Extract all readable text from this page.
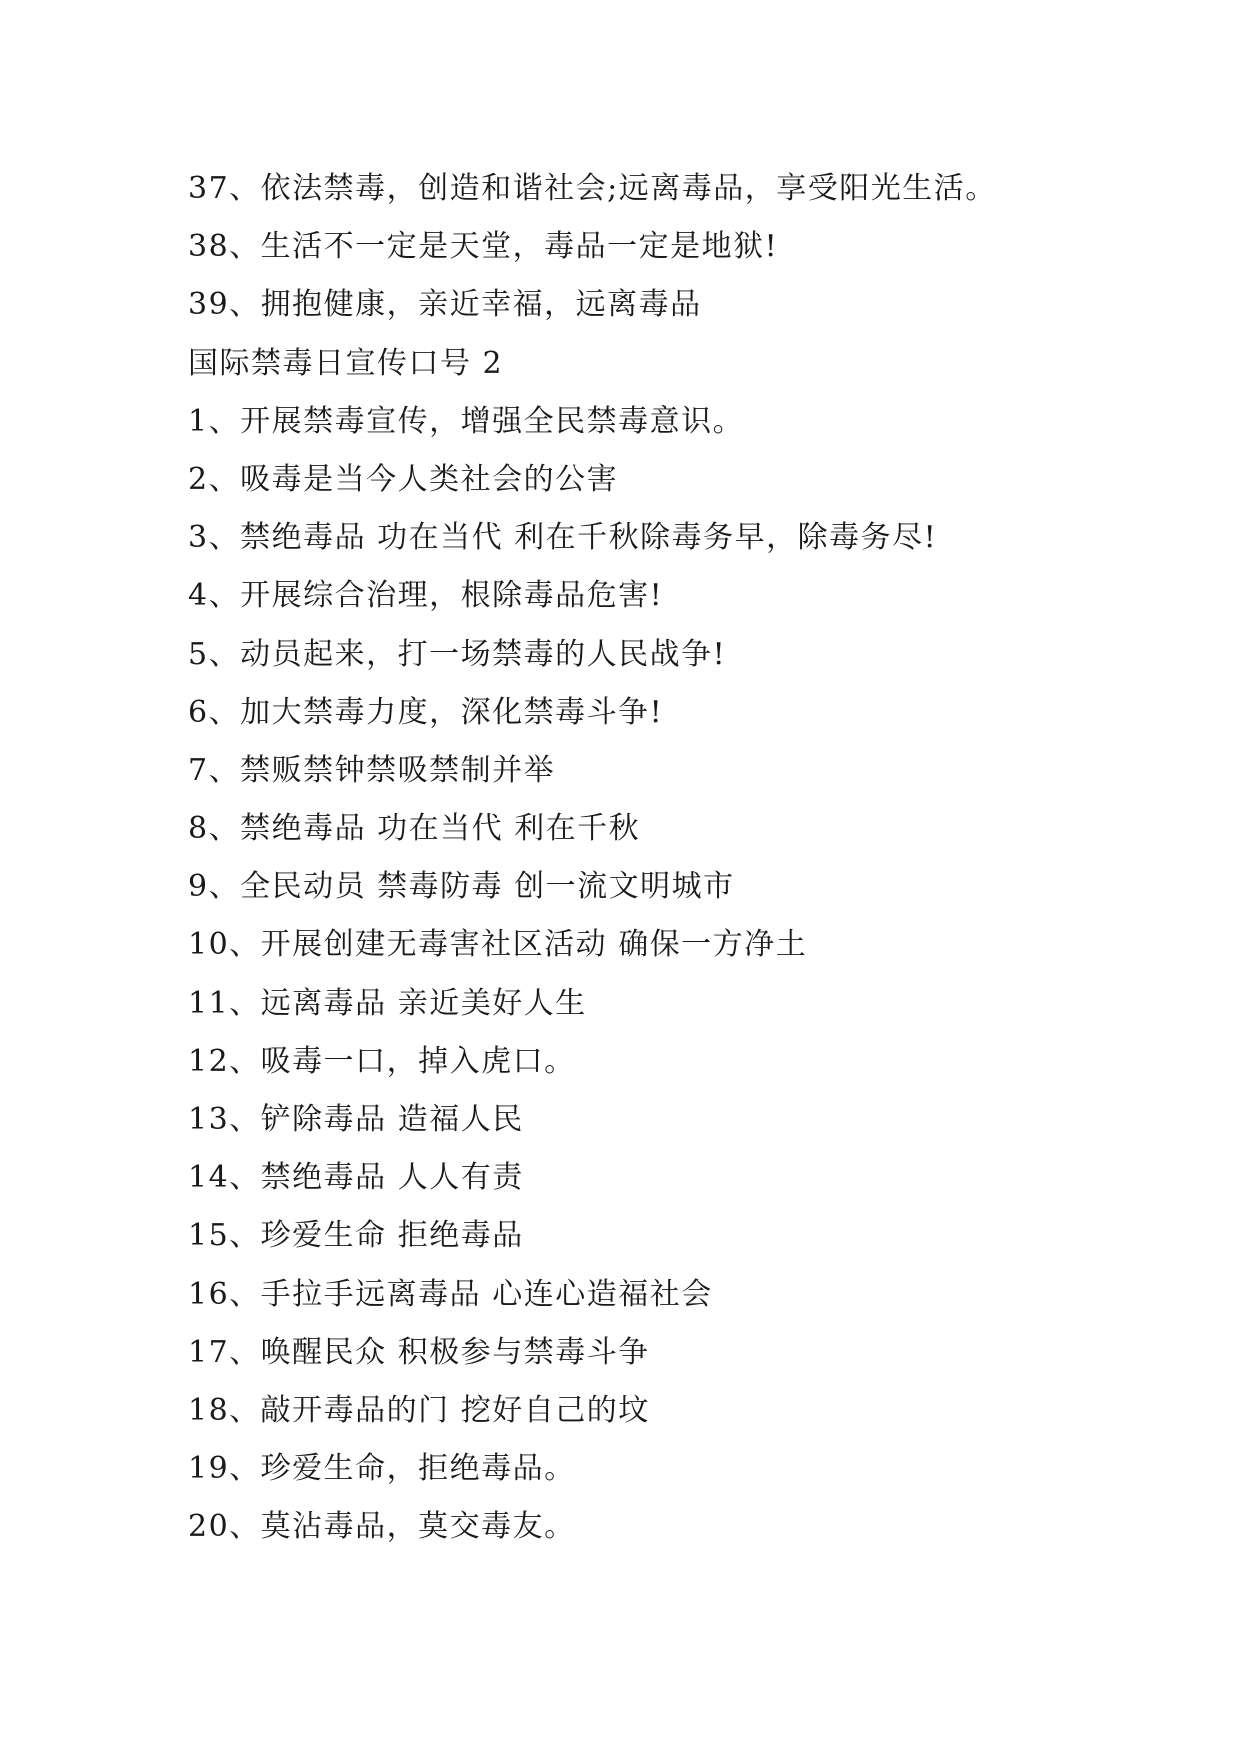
37、依法禁毒，创造和谐社会;远离毒品，享受阳光生活。

38、生活不一定是天堂，毒品一定是地狱!

39、拥抱健康，亲近幸福，远离毒品

国际禁毒日宣传口号 2

1、开展禁毒宣传，增强全民禁毒意识。

2、吸毒是当今人类社会的公害

3、禁绝毒品 功在当代 利在千秋除毒务早，除毒务尽!

4、开展综合治理，根除毒品危害!

5、动员起来，打一场禁毒的人民战争!

6、加大禁毒力度，深化禁毒斗争!

7、禁贩禁钟禁吸禁制并举

8、禁绝毒品 功在当代 利在千秋

9、全民动员 禁毒防毒 创一流文明城市

10、开展创建无毒害社区活动 确保一方净土

11、远离毒品 亲近美好人生

12、吸毒一口，掉入虎口。

13、铲除毒品 造福人民

14、禁绝毒品 人人有责

15、珍爱生命 拒绝毒品

16、手拉手远离毒品 心连心造福社会

17、唤醒民众 积极参与禁毒斗争

18、敲开毒品的门 挖好自己的坟

19、珍爱生命，拒绝毒品。

20、莫沾毒品，莫交毒友。
